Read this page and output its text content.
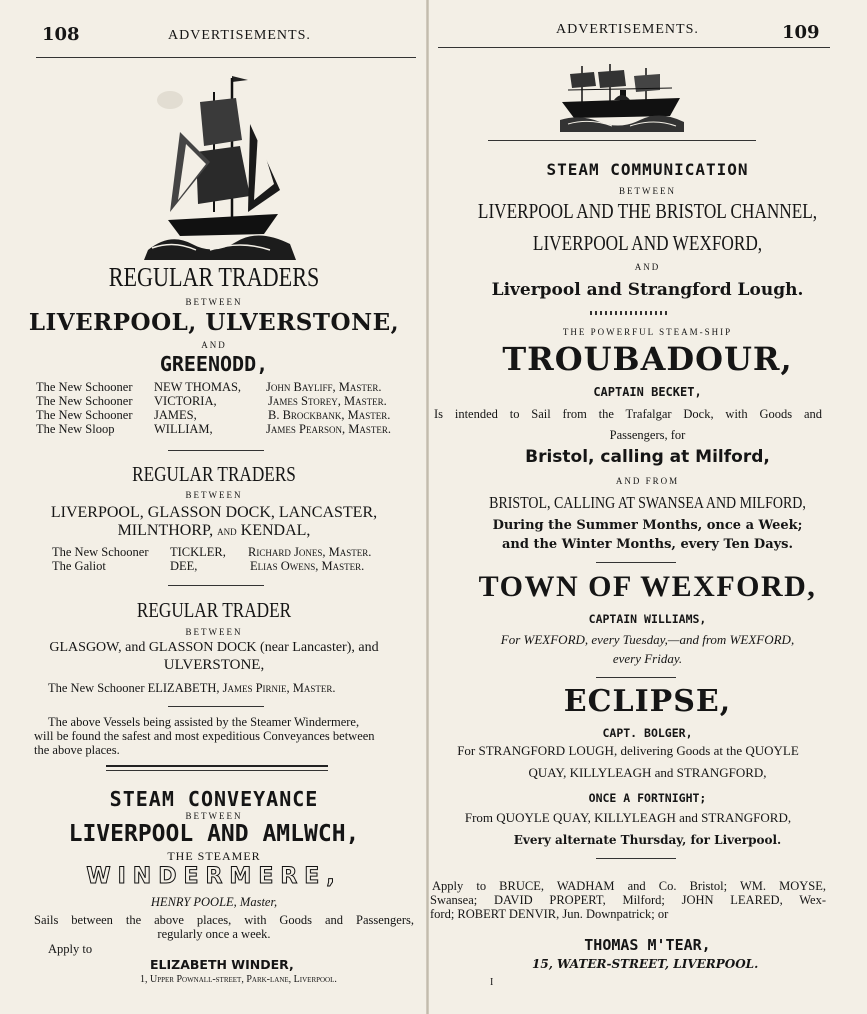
108	ADVERTISEMENTS.
REGULAR TRADERS
BETWEEN
LIVERPOOL, ULVERSTONE,
AND
GREENODD,
The New Schooner NEW THOMAS, John Bayliff, Master.
The New Schooner VICTORIA,	James Storey, Master.
The New Schooner JAMES,	B. Brockbank, Master.
The New Sloop	WILLIAM,	James Pearson, Master.
REGULAR TRADERS
BETWEEN
LIVERPOOL, GLASSON DOCK, LANCASTER,
MILNTHORP, and KENDAL,
The New Schooner TICKLER, Richard Jones, Master.
The Galiot	DEE,	Elias Owens, Master.
REGULAR TRADER
BETWEEN
GLASGOW, and GLASSON DOCK (near Lancaster), and
ULVERSTONE,
The New Schooner ELIZABETH, James Pirnie, Master.
The above Vessels being assisted by the Steamer Windermere,
will be found the safest and most expeditious Conveyances between
the above places.
STEAM CONVEYANCE
BETWEEN
LIVERPOOL AND AMLWCH,
THE STEAMER
WINDERMERE,
HENRY POOLE, Master,
Sails between the above places, with Goods and Passengers,
regularly once a week.
Apply to
ELIZABETH WINDER,
1, Upper Pownall-street, Park-lane, Liverpool.
ADVERTISEMENTS.	109
STEAM COMMUNICATION
BETWEEN
LIVERPOOL AND THE BRISTOL CHANNEL,
LIVERPOOL AND WEXFORD,
AND
Liverpool and Strangford Lough.
THE POWERFUL STEAM-SHIP
TROUBADOUR,
CAPTAIN BECKET,
Is intended to Sail from the Trafalgar Dock, with Goods and
Passengers, for
Bristol, calling at Milford,
AND FROM
BRISTOL, CALLING AT SWANSEA AND MILFORD,
During the Summer Months, once a Week;
and the Winter Months, every Ten Days.
TOWN OF WEXFORD,
CAPTAIN WILLIAMS,
For WEXFORD, every Tuesday,—and from WEXFORD,
every Friday.
ECLIPSE,
CAPT. BOLGER,
For STRANGFORD LOUGH, delivering Goods at the QUOYLE
QUAY, KILLYLEAGH and STRANGFORD,
ONCE A FORTNIGHT;
From QUOYLE QUAY, KILLYLEAGH and STRANGFORD,
Every alternate Thursday, for Liverpool.
Apply to BRUCE, WADHAM and Co. Bristol; WM. MOYSE,
Swansea; DAVID PROPERT, Milford; JOHN LEARED, Wex-
ford; ROBERT DENVIR, Jun. Downpatrick; or
THOMAS M'TEAR,
15, WATER-STREET, LIVERPOOL.
I
